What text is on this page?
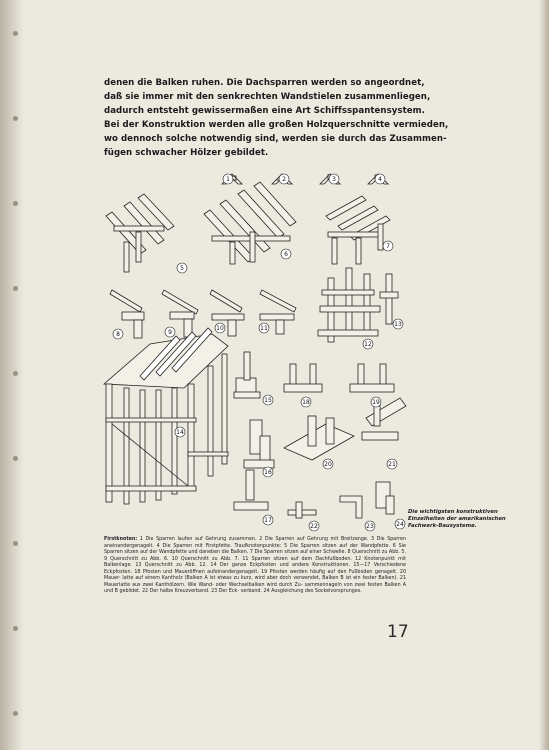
denen die Balken ruhen. Die Dachsparren werden so angeordnet,
daß sie immer mit den senkrechten Wandstielen zusammenliegen,
dadurch entsteht gewissermaßen eine Art Schiffsspantensystem.
Bei der Konstruktion werden alle großen Holzquerschnitte vermieden,
wo dennoch solche notwendig sind, werden sie durch das Zusammen-
fügen schwacher Hölzer gebildet.
1	2	3	4
5
6
7
8	9
10	11
12
13
14
15
16
17
18	19
20	21
22	23	24
Die wichtigsten konstruktiven
Einzelheiten der amerikanischen
Fachwerk-Bausysteme.
Firstknoten: 1 Die Sparren laufen auf Gehrung zusammen. 2 Die Sparren auf Gehrung mit Breitzange. 3 Die Sparren aneinandergenagelt. 4 Die Sparren mit Firstpfette. Traufknotenpunkte: 5 Die Sparren sitzen auf der Wandpfette. 6 Sie Sparren sitzen auf der Wandpfette und daneben die Balken. 7 Die Sparren sitzen auf einer Schwelle. 8 Querschnitt zu Abb. 5. 9 Querschnitt zu Abb. 6. 10 Querschnitt zu Abb. 7. 11 Sparren sitzen auf dem Dachfußboden. 12 Knotenpunkt mit Balkenlage. 13 Querschnitt zu Abb. 12. 14 Der ganze Eckpfosten und andere Konstruktionen. 15—17 Verschiedene Eckpfosten. 18 Pfosten und Maueröffnen aufeinandergenagelt. 19 Pfosten werden häufig auf den Fußboden genagelt. 20 Mauer- latte auf einem Kantholz (Balken A ist etwas zu kurz, wird aber doch verwendet, Balken B ist ein fester Balken). 21 Mauerlatte aus zwei Kanthölzern. Wie Wand- oder Wechselbalken wird durch Zu- sammennageln von zwei festen Balken A und B gebildet. 22 Der halbe Kreuzverband. 23 Der Eck- verband. 24 Ausgleichung des Sockelvorsprunges.
17
